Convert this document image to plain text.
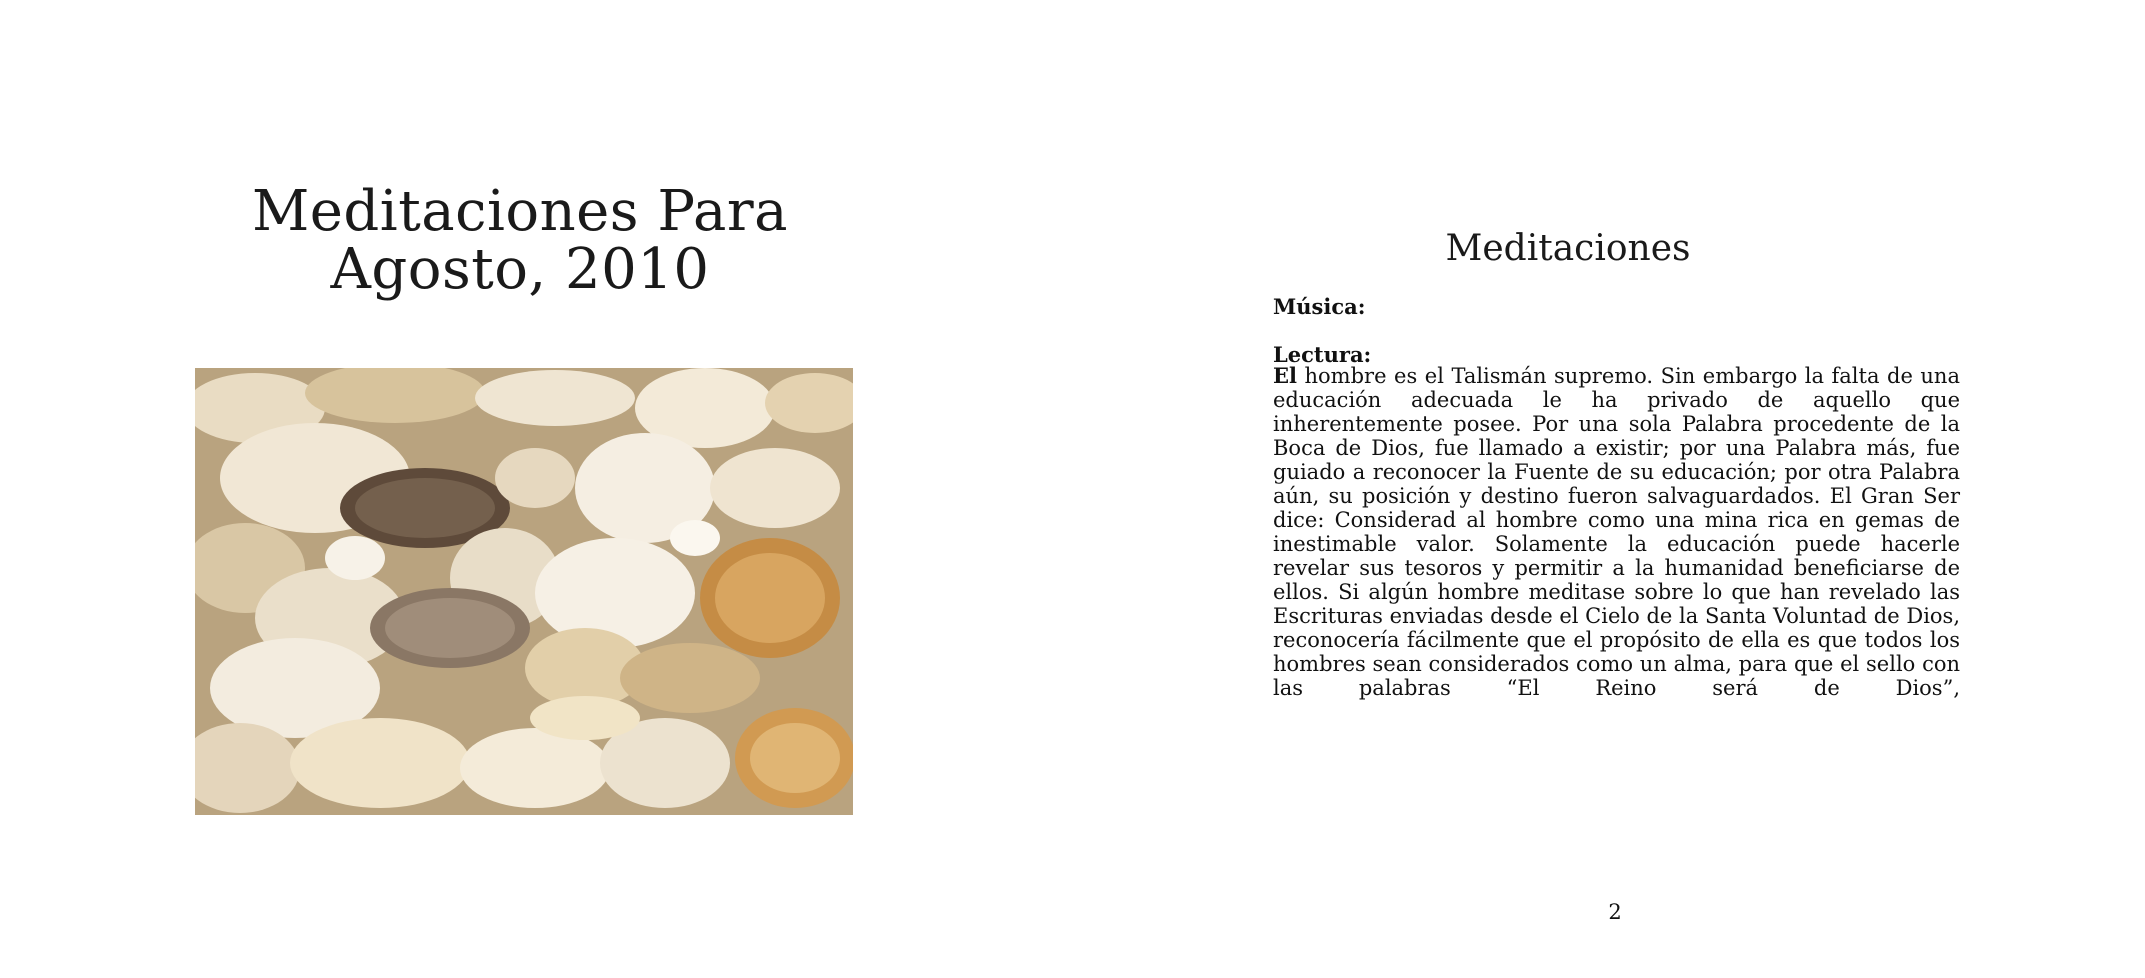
Meditaciones Para
Agosto, 2010	Meditaciones
Música:
Lectura:

El hombre es el Talismán supremo. Sin embargo la falta de una educación adecuada le ha privado de aquello que inherentemente posee. Por una sola Palabra procedente de la Boca de Dios, fue llamado a existir; por una Palabra más, fue guiado a reconocer la Fuente de su educación; por otra Palabra aún, su posición y destino fueron salvaguardados. El Gran Ser dice: Considerad al hombre como una mina rica en gemas de inestimable valor. Solamente la educación puede hacerle revelar sus tesoros y permitir a la humanidad beneficiarse de ellos. Si algún hombre meditase sobre lo que han revelado las Escrituras enviadas desde el Cielo de la Santa Voluntad de Dios, reconocería fácilmente que el propósito de ella es que todos los hombres sean considerados como un alma, para que el sello con las palabras “El Reino será de Dios”,

2
